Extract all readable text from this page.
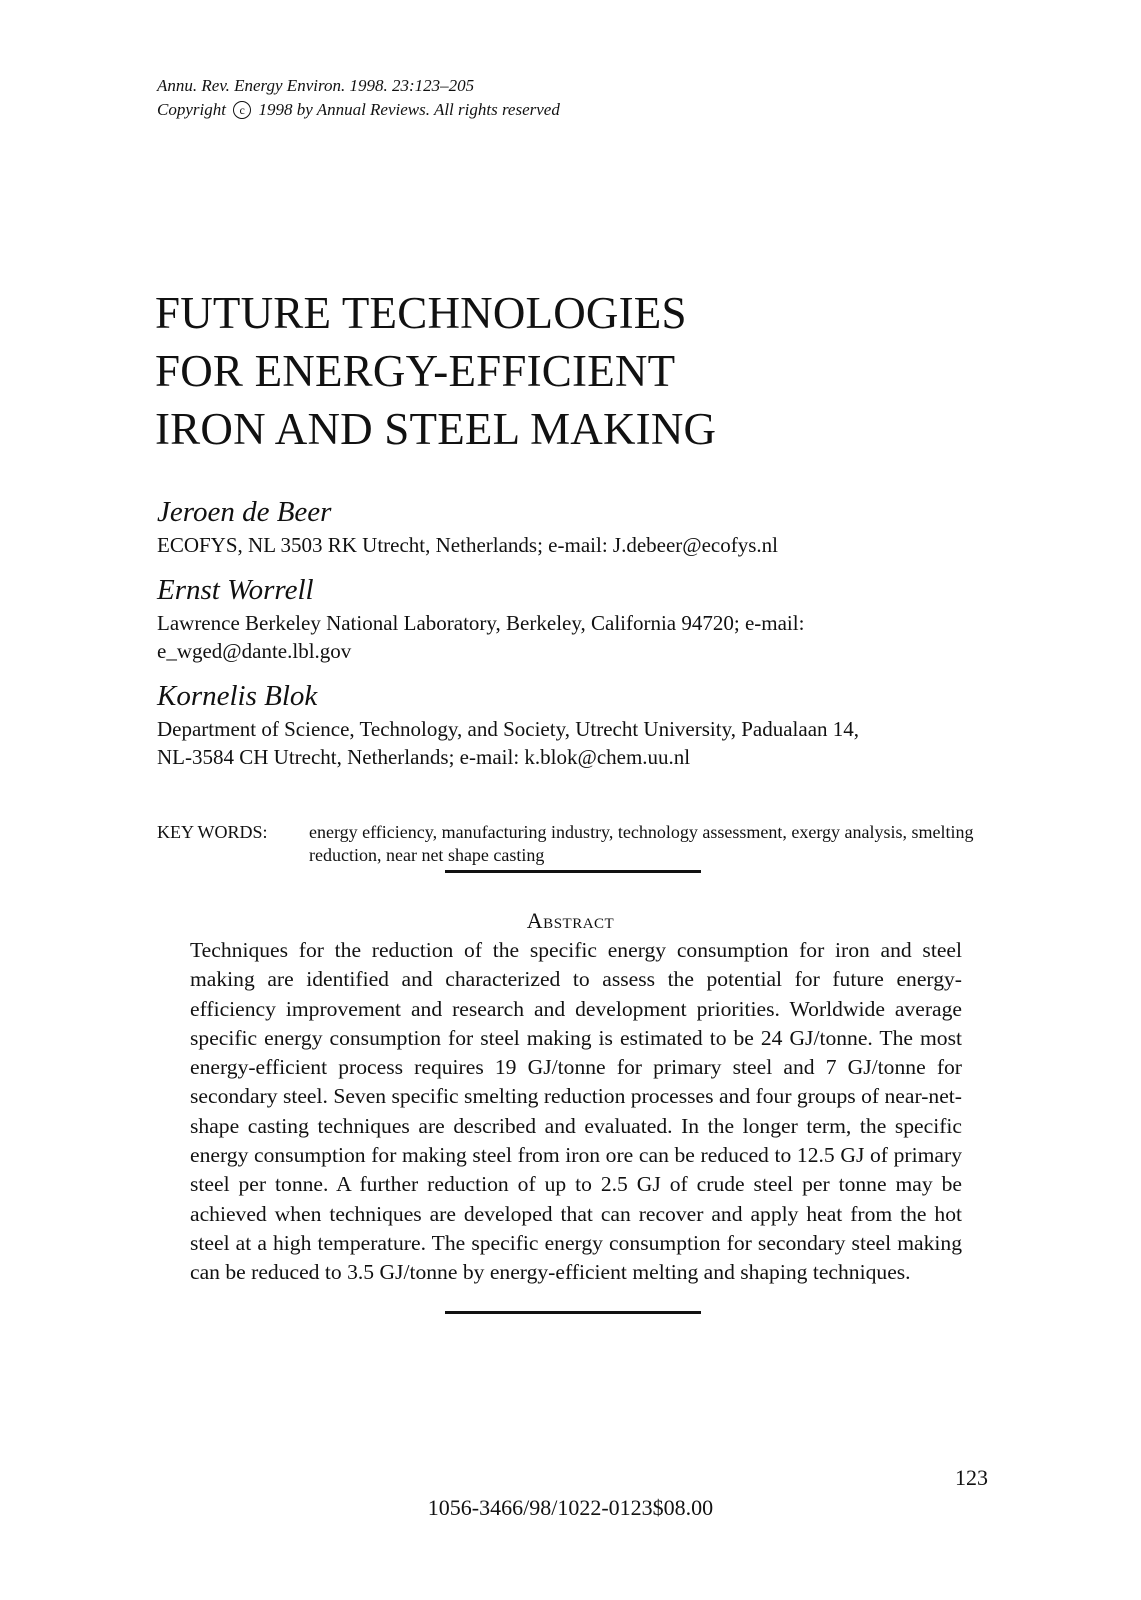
Annu. Rev. Energy Environ. 1998. 23:123–205
Copyright c 1998 by Annual Reviews. All rights reserved
FUTURE TECHNOLOGIES
FOR ENERGY-EFFICIENT
IRON AND STEEL MAKING
Jeroen de Beer
ECOFYS, NL 3503 RK Utrecht, Netherlands; e-mail: J.debeer@ecofys.nl
Ernst Worrell
Lawrence Berkeley National Laboratory, Berkeley, California 94720; e-mail:
e_wged@dante.lbl.gov
Kornelis Blok
Department of Science, Technology, and Society, Utrecht University, Padualaan 14,
NL-3584 CH Utrecht, Netherlands; e-mail: k.blok@chem.uu.nl
KEY WORDS:	energy efficiency, manufacturing industry, technology assessment, exergy analysis, smelting reduction, near net shape casting
Abstract

Techniques for the reduction of the specific energy consumption for iron and steel making are identified and characterized to assess the potential for future energy-efficiency improvement and research and development priorities. Worldwide average specific energy consumption for steel making is estimated to be 24 GJ/tonne. The most energy-efficient process requires 19 GJ/tonne for primary steel and 7 GJ/tonne for secondary steel. Seven specific smelting reduction processes and four groups of near-net-shape casting techniques are described and evaluated. In the longer term, the specific energy consumption for making steel from iron ore can be reduced to 12.5 GJ of primary steel per tonne. A further reduction of up to 2.5 GJ of crude steel per tonne may be achieved when techniques are developed that can recover and apply heat from the hot steel at a high temperature. The specific energy consumption for secondary steel making can be reduced to 3.5 GJ/tonne by energy-efficient melting and shaping techniques.

123
1056-3466/98/1022-0123$08.00
